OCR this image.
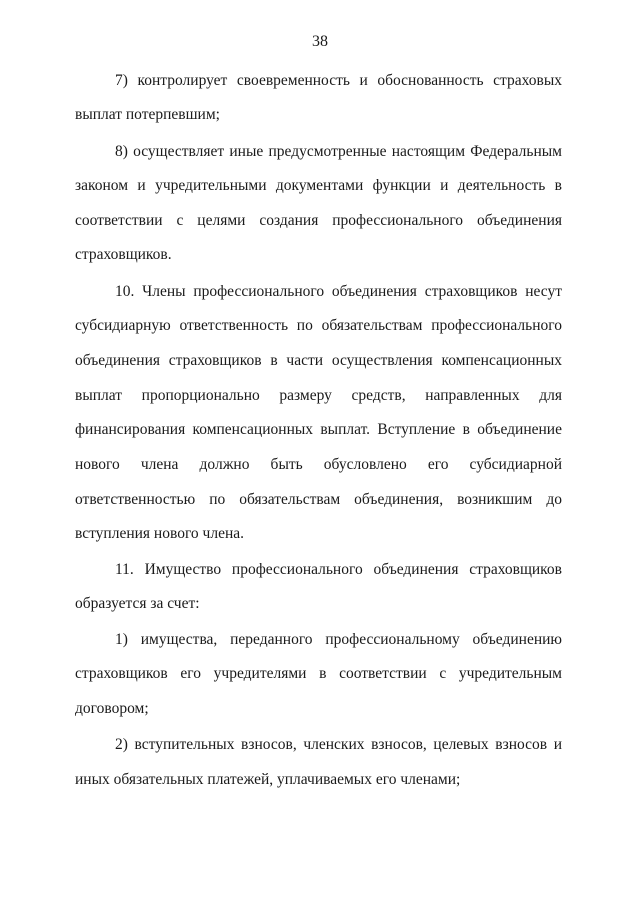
38
7) контролирует своевременность и обоснованность страховых
выплат потерпевшим;
8) осуществляет иные предусмотренные настоящим Федеральным
законом и учредительными документами функции и деятельность в
соответствии с целями создания профессионального объединения
страховщиков.
10. Члены профессионального объединения страховщиков несут
субсидиарную ответственность по обязательствам профессионального
объединения страховщиков в части осуществления компенсационных
выплат пропорционально размеру средств, направленных для
финансирования компенсационных выплат. Вступление в объединение
нового члена должно быть обусловлено его субсидиарной
ответственностью по обязательствам объединения, возникшим до
вступления нового члена.
11. Имущество профессионального объединения страховщиков
образуется за счет:
1) имущества, переданного профессиональному объединению
страховщиков его учредителями в соответствии с учредительным
договором;
2) вступительных взносов, членских взносов, целевых взносов и
иных обязательных платежей, уплачиваемых его членами;
